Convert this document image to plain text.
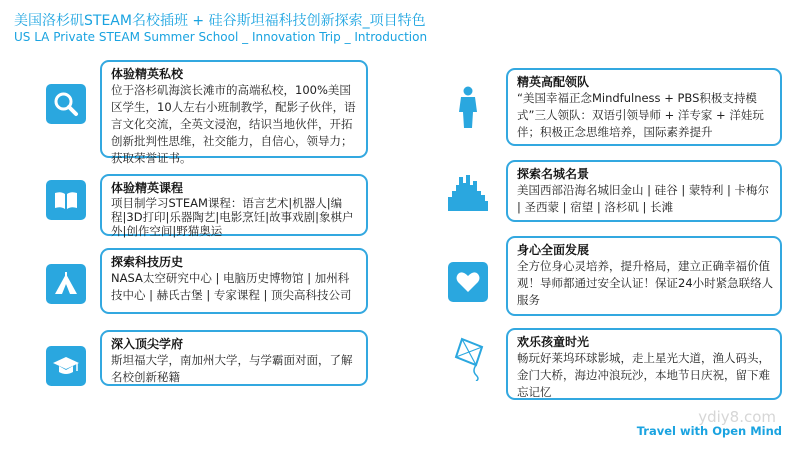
美国洛杉矶STEAM名校插班 + 硅谷斯坦福科技创新探索_项目特色
US LA Private STEAM Summer School _ Innovation Trip _ Introduction
体验精英私校

位于洛杉矶海滨长滩市的高端私校，100%美国区学生，10人左右小班制教学，配影子伙伴，语言文化交流，全英文浸泡，结识当地伙伴，开拓创新批判性思维，社交能力，自信心，领导力；获取荣誉证书。

体验精英课程

项目制学习STEAM课程：语言艺术|机器人|编程|3D打印|乐器陶艺|电影烹饪|故事戏剧|象棋户外|创作空间|野猫奥运

探索科技历史

NASA太空研究中心 | 电脑历史博物馆 | 加州科技中心 | 赫氏古堡 | 专家课程 | 顶尖高科技公司

深入顶尖学府

斯坦福大学，南加州大学，与学霸面对面，了解名校创新秘籍

精英高配领队

“美国幸福正念Mindfulness + PBS积极支持模式”三人领队：双语引领导师 + 洋专家 + 洋娃玩伴；积极正念思维培养，国际素养提升

探索名城名景

美国西部沿海名城旧金山 | 硅谷 | 蒙特利 | 卡梅尔 | 圣西蒙 | 宿望 | 洛杉矶 | 长滩

身心全面发展

全方位身心灵培养，提升格局，建立正确幸福价值观！导师都通过安全认证！保证24小时紧急联络人服务

欢乐孩童时光

畅玩好莱坞环球影城，走上星光大道，渔人码头，金门大桥，海边冲浪玩沙，本地节日庆祝，留下难忘记忆

ydiy8.com
Travel with Open Mind
